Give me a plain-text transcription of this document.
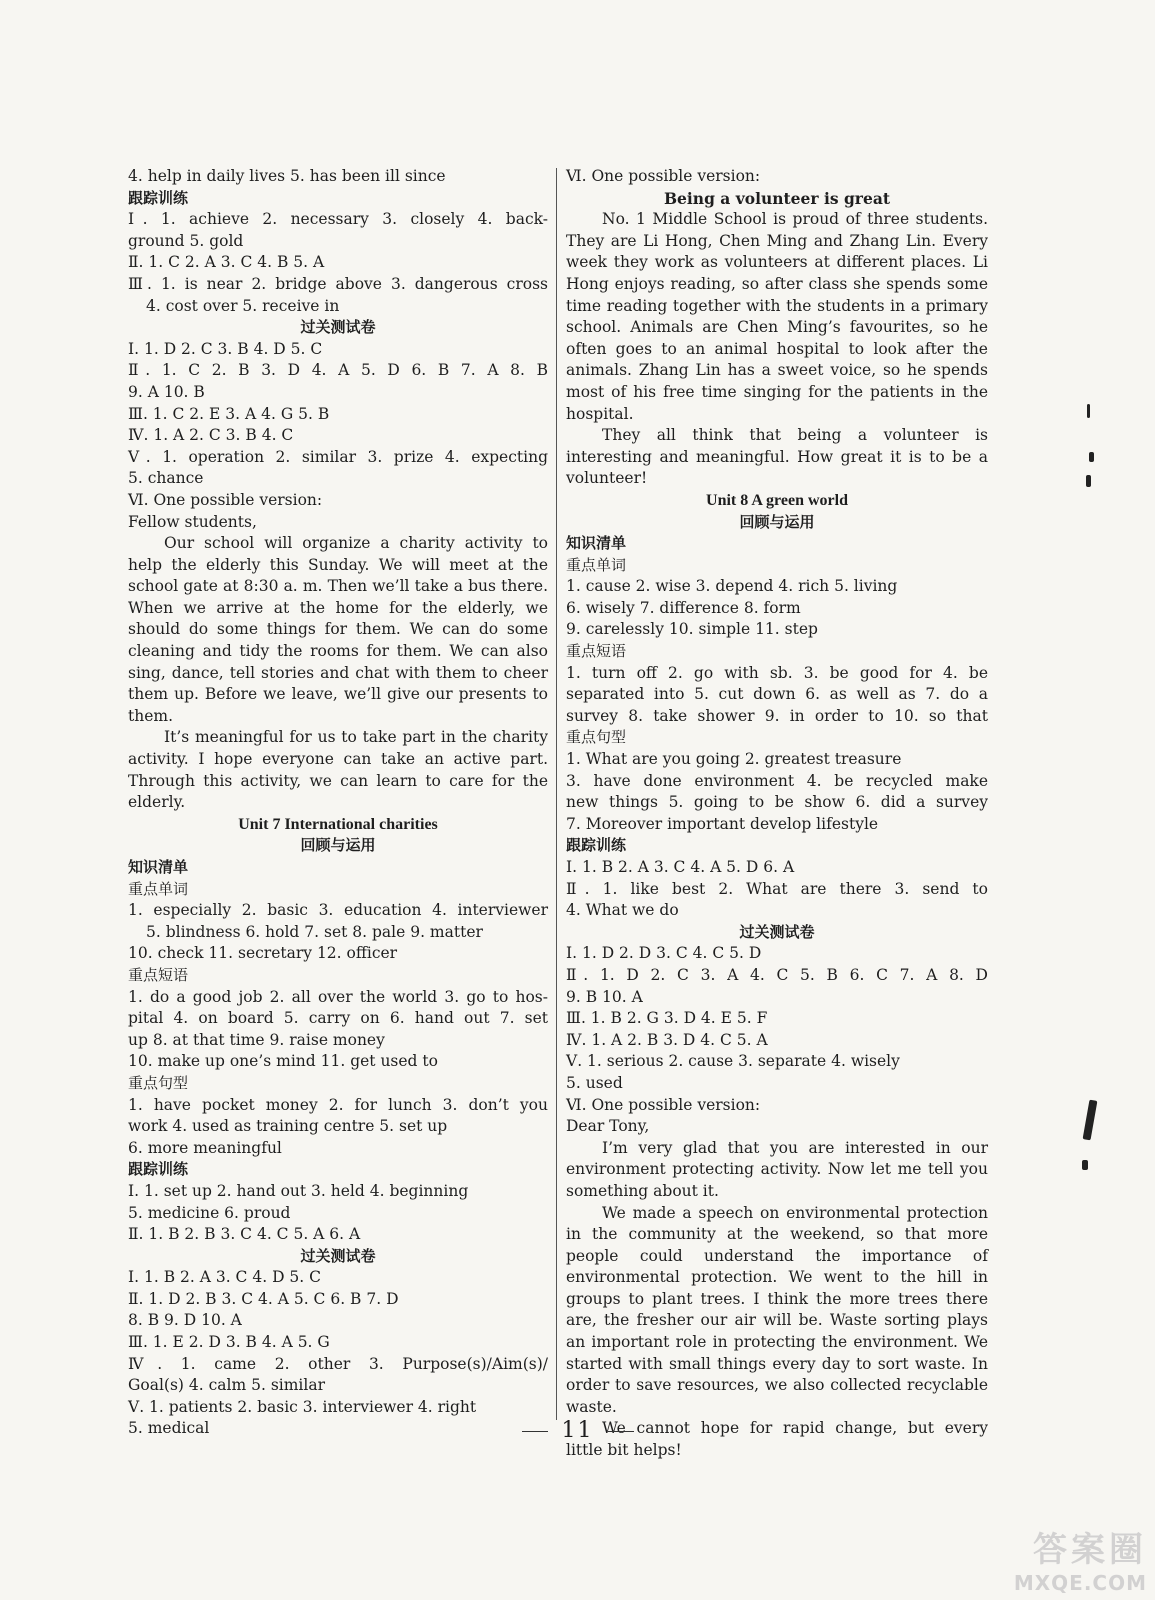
4. help in daily lives 5. has been ill since
跟踪训练
Ⅰ. 1. achieve 2. necessary 3. closely 4. back-
ground 5. gold
Ⅱ. 1. C 2. A 3. C 4. B 5. A
Ⅲ. 1. is near 2. bridge above 3. dangerous cross
4. cost over 5. receive in
过关测试卷
Ⅰ. 1. D 2. C 3. B 4. D 5. C
Ⅱ. 1. C 2. B 3. D 4. A 5. D 6. B 7. A 8. B
9. A 10. B
Ⅲ. 1. C 2. E 3. A 4. G 5. B
Ⅳ. 1. A 2. C 3. B 4. C
Ⅴ. 1. operation 2. similar 3. prize 4. expecting
5. chance
Ⅵ. One possible version:
Fellow students,
Our school will organize a charity activity to help the elderly this Sunday. We will meet at the school gate at 8:30 a. m. Then we’ll take a bus there. When we arrive at the home for the elderly, we should do some things for them. We can do some cleaning and tidy the rooms for them. We can also sing, dance, tell stories and chat with them to cheer them up. Before we leave, we’ll give our presents to them.
It’s meaningful for us to take part in the charity activity. I hope everyone can take an active part. Through this activity, we can learn to care for the elderly.
Unit 7 International charities
回顾与运用
知识清单
重点单词
1. especially 2. basic 3. education 4. interviewer
5. blindness 6. hold 7. set 8. pale 9. matter
10. check 11. secretary 12. officer
重点短语
1. do a good job 2. all over the world 3. go to hos-
pital 4. on board 5. carry on 6. hand out 7. set
up 8. at that time 9. raise money
10. make up one’s mind 11. get used to
重点句型
1. have pocket money 2. for lunch 3. don’t you
work 4. used as training centre 5. set up
6. more meaningful
跟踪训练
Ⅰ. 1. set up 2. hand out 3. held 4. beginning
5. medicine 6. proud
Ⅱ. 1. B 2. B 3. C 4. C 5. A 6. A
过关测试卷
Ⅰ. 1. B 2. A 3. C 4. D 5. C
Ⅱ. 1. D 2. B 3. C 4. A 5. C 6. B 7. D
8. B 9. D 10. A
Ⅲ. 1. E 2. D 3. B 4. A 5. G
Ⅳ. 1. came 2. other 3. Purpose(s)/Aim(s)/
Goal(s) 4. calm 5. similar
Ⅴ. 1. patients 2. basic 3. interviewer 4. right
5. medical
Ⅵ. One possible version:
Being a volunteer is great
No. 1 Middle School is proud of three students. They are Li Hong, Chen Ming and Zhang Lin. Every week they work as volunteers at different places. Li Hong enjoys reading, so after class she spends some time reading together with the students in a primary school. Animals are Chen Ming’s favourites, so he often goes to an animal hospital to look after the animals. Zhang Lin has a sweet voice, so he spends most of his free time singing for the patients in the hospital.
They all think that being a volunteer is interesting and meaningful. How great it is to be a volunteer!
Unit 8 A green world
回顾与运用
知识清单
重点单词
1. cause 2. wise 3. depend 4. rich 5. living
6. wisely 7. difference 8. form
9. carelessly 10. simple 11. step
重点短语
1. turn off 2. go with sb. 3. be good for 4. be
separated into 5. cut down 6. as well as 7. do a
survey 8. take shower 9. in order to 10. so that
重点句型
1. What are you going 2. greatest treasure
3. have done environment 4. be recycled make
new things 5. going to be show 6. did a survey
7. Moreover important develop lifestyle
跟踪训练
Ⅰ. 1. B 2. A 3. C 4. A 5. D 6. A
Ⅱ. 1. like best 2. What are there 3. send to
4. What we do
过关测试卷
Ⅰ. 1. D 2. D 3. C 4. C 5. D
Ⅱ. 1. D 2. C 3. A 4. C 5. B 6. C 7. A 8. D
9. B 10. A
Ⅲ. 1. B 2. G 3. D 4. E 5. F
Ⅳ. 1. A 2. B 3. D 4. C 5. A
Ⅴ. 1. serious 2. cause 3. separate 4. wisely
5. used
Ⅵ. One possible version:
Dear Tony,
I’m very glad that you are interested in our environment protecting activity. Now let me tell you something about it.
We made a speech on environmental protection in the community at the weekend, so that more people could understand the importance of environmental protection. We went to the hill in groups to plant trees. I think the more trees there are, the fresher our air will be. Waste sorting plays an important role in protecting the environment. We started with small things every day to sort waste. In order to save resources, we also collected recyclable waste.
We cannot hope for rapid change, but every little bit helps!
11
答案圈
MXQE.COM
